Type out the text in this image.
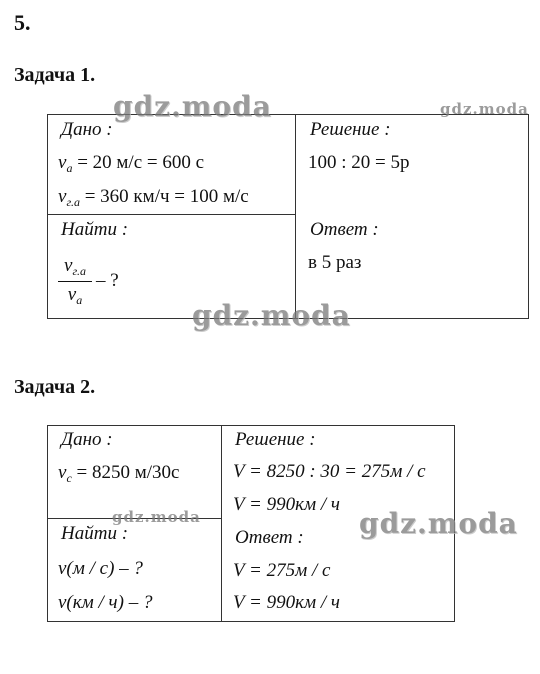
5.
Задача 1.
Дано :
$v_a = 20$ м/с = 600 с
$v_{г.а} = 360$ км/ч = 100 м/с
Найти :
$v_{г.а}$
$v_a$
– ?
Решение :
100 : 20 = 5р
Ответ :
в 5 раз
Задача 2.
Дано :
$v_c = 8250$ м/30с
Найти :
v(м / с) – ?
v(км / ч) – ?
Решение :
V = 8250 : 30 = 275м / с
V = 990км / ч
Ответ :
V = 275м / с
V = 990км / ч
gdz.moda	gdz.moda
gdz.moda
gdz.moda	gdz.moda
